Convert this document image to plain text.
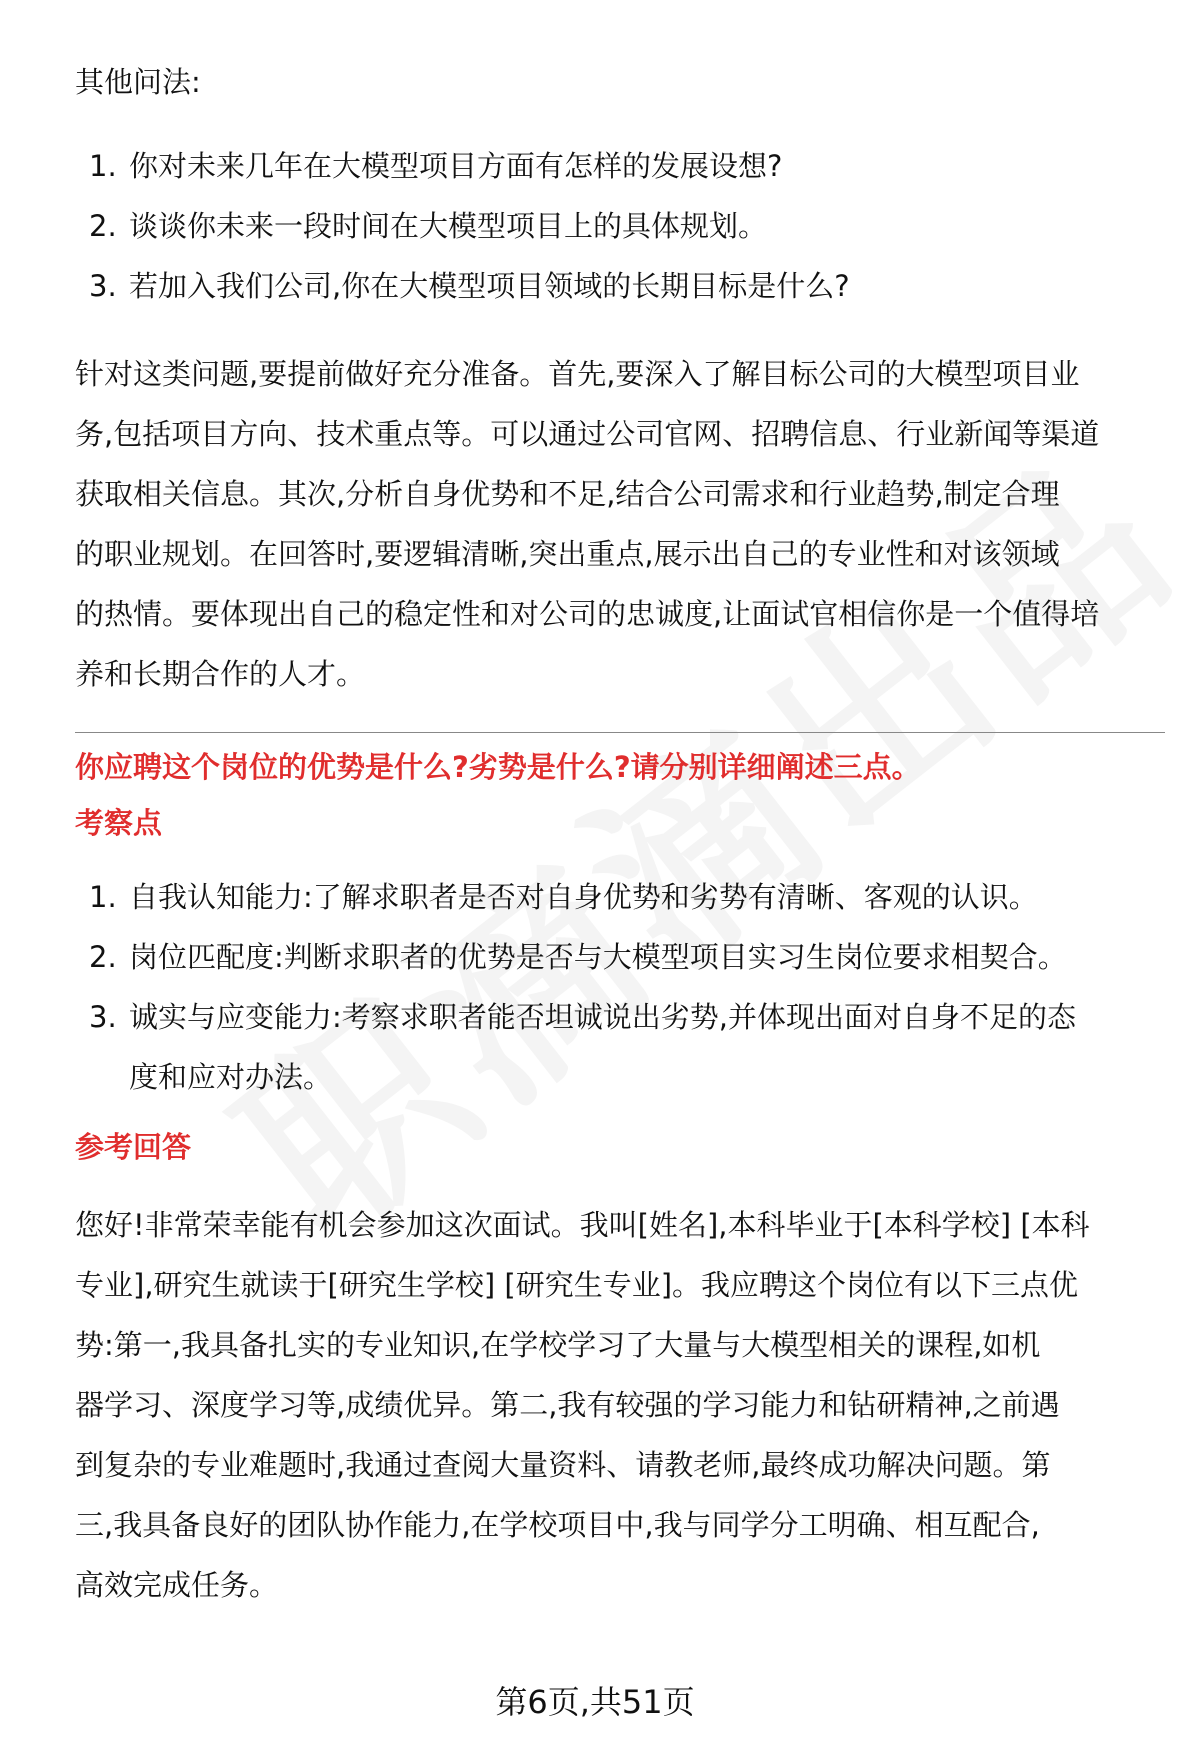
其他问法:

1. 你对未来几年在大模型项目方面有怎样的发展设想?
2. 谈谈你未来一段时间在大模型项目上的具体规划。
3. 若加入我们公司,你在大模型项目领域的长期目标是什么?

针对这类问题,要提前做好充分准备。首先,要深入了解目标公司的大模型项目业

务,包括项目方向、技术重点等。可以通过公司官网、招聘信息、行业新闻等渠道

获取相关信息。其次,分析自身优势和不足,结合公司需求和行业趋势,制定合理

的职业规划。在回答时,要逻辑清晰,突出重点,展示出自己的专业性和对该领域

的热情。要体现出自己的稳定性和对公司的忠诚度,让面试官相信你是一个值得培

养和长期合作的人才。

你应聘这个岗位的优势是什么?劣势是什么?请分别详细阐述三点。

考察点

1. 自我认知能力:了解求职者是否对自身优势和劣势有清晰、客观的认识。
2. 岗位匹配度:判断求职者的优势是否与大模型项目实习生岗位要求相契合。
3. 诚实与应变能力:考察求职者能否坦诚说出劣势,并体现出面对自身不足的态
度和应对办法。

参考回答

您好!非常荣幸能有机会参加这次面试。我叫[姓名],本科毕业于[本科学校] [本科

专业],研究生就读于[研究生学校] [研究生专业]。我应聘这个岗位有以下三点优

势:第一,我具备扎实的专业知识,在学校学习了大量与大模型相关的课程,如机

器学习、深度学习等,成绩优异。第二,我有较强的学习能力和钻研精神,之前遇

到复杂的专业难题时,我通过查阅大量资料、请教老师,最终成功解决问题。第

三,我具备良好的团队协作能力,在学校项目中,我与同学分工明确、相互配合,

高效完成任务。

第6页,共51页
